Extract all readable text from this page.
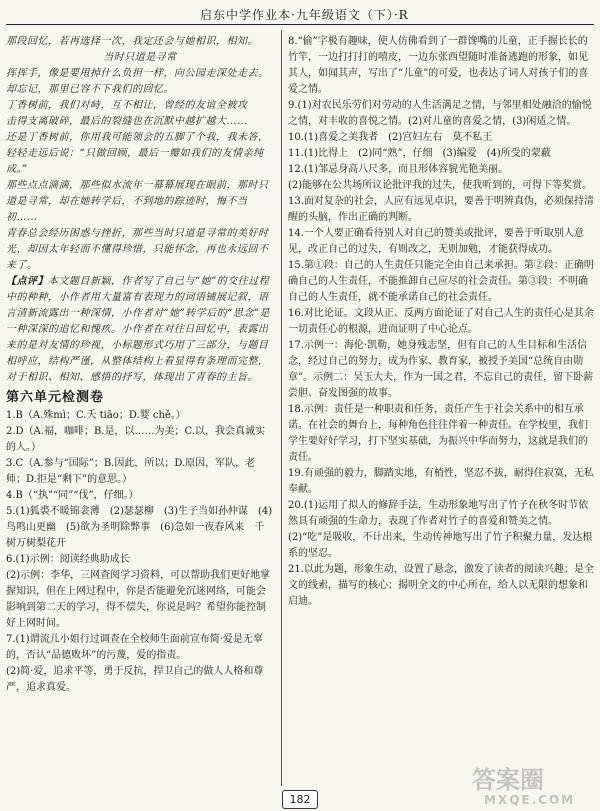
启东中学作业本·九年级语文（下）·R

那段回忆，若再选择一次，我定还会与她相识，相知。

当时只道是寻常

挥挥手，像是要甩掉什么负担一样，向公园走深处走去。

却忘记，那里已容不下我们的回忆。

丁香树前，我们对峙，互不相让，曾经的友谊全被攻

击得支离破碎，最后的裂缝也在沉默中越扩越大……

还是丁香树前，你用我可能领会的五脚了个我，我未答，轻轻走远后说：“只做回顾，最后一瓣如我们的友情亲纯成。”

那些点点滴滴，那些似水流年一幕幕展现在眼前，那时只道是寻常，却在她转学后，不到地的踪迹时，悔不当初……

青春总会经历困惑与挫折，那些当时只道是寻常的美好时光，却因太年轻而不懂得珍惜，只能怀念，再也永远回不来了。

【点评】本文题目新颖，作者写了自己与“她”的交往过程中的种种，小作者用大量富有表现力的词语铺展记叙，语言清新流露出一种深情，小作者对“她”转学后的“思念”是一种深深的追忆和愧疚。小作者在对往日回忆中，表露出来的是对友情的珍视，小标题形式巧用了三部分，与题目相呼应，结构严谨，从整体结构上看显得有条理而完整，对于相识、相知、感悟的抒写，体现出了青春的主旨。

第六单元检测卷

1.B（A.殊mì；C.夭 tiāo；D.婴 chě。）

2.D（A.福，咖啡；B.是，以……为美；C.以，我会真诚实的人。）

3.C（A.参与“国际”；B.因此，所以；D.原因，军队，老师；D.拒是“剩下”的意思。）

4.B（“执”“同”“伐”，仔细。）

5.(1)狐裘不暖锦衾薄　(2)瑟瑟柳　(3)生子当如孙仲谋　(4)鸟鸣山更幽　(5)欲为圣明除弊事　(6)急如一夜春风来　千树万树梨花开

6.(1)示例：阅读经典助成长

(2)示例：李华，三网查阅学习资料，可以帮助我们更好地掌握知识，但在上网过程中，你是否能避免沉迷网络，可能会影响到第二天的学习，得不偿失，你说是吗？希望你能控制好上网时间。

7.(1)谓流儿小姐行过调查在全校师生面前宣布简·爱是无辜的，否认“品德败坏”的污蔑，爱的指责。

(2)简·爱，追求平等，勇于反抗，捍卫自己的做人人格和尊严，追求真爱。

8.“偷”字极有趣味，使人仿佛看到了一群馋嘴的儿童，正手握长长的竹竿，一边打打打的嘻皮，一边东张西望随时准备逃跑的形象，如见其人，如闻其声，写出了“儿童”的可爱，也表达了词人对孩子们的喜爱之情。

9.(1)对农民乐劳们对劳动的人生活满足之情，与邻里相处融洽的愉悦之情，对丰收的喜悦之情。(2)对儿童的喜爱之情，(3)闲适之情。

10.(1)喜爱之美我者　(2)宫妇左右　莫不私王

11.(1)比得上　(2)同“熟”，仔细　(3)编爱　(4)所受的蒙蔽

12.(1)邹忌身高八尺多，而且形体容貌光艳美丽。

(2)能够在公共场所议论批评我的过失，使我听到的，可得下等奖赏。

13.面对复杂的社会，人应有远见卓识，要善于明辨真伪，必须保持清醒的头脑，作出正确的判断。

14.一个人要正确看待别人对自己的赞美或批评，要善于听取别人意见，改正自己的过失，有则改之，无则加勉，才能获得成功。

15.第①段：自己的人生责任只能完全由自己来承担。第②段：正确明确自己的人生责任，不能推卸自己应尽的社会责任。第③段：不明确自己的人生责任，就不能承诺自己的社会责任。

16.对比论证。文段从正、反两方面论证了对自己人生的责任心是其余一切责任心的根源，进而证明了中心论点。

17.示例一：海伦·凯勒，她身残志坚，但有自己的人生目标和生活信念，经过自己的努力，成为作家、教育家，被授予美国“总统自由勋章”。示例二：吴玉大夫，作为一国之君，不忘自己的责任，留下卧薪尝胆、奋发图强的故事。

18.示例：责任是一种职责和任务，责任产生于社会关系中的相互承诺。在社会的舞台上，每种角色往往伴着一种责任。在学校里，我们学生要好好学习，打下坚实基础，为振兴中华而努力，这就是我们的责任。

19.有顽强的毅力，脚踏实地，有梢性，坚忍不拔，耐得住寂寞，无私奉献。

20.(1)运用了拟人的修辞手法，生动形象地写出了竹子在秋冬时节依然具有顽强的生命力，表现了作者对竹子的喜爱和赞美之情。

(2)“吃”是吸收，不计出来，生动传神地写出了竹子积聚力量，发达根系的坚忍。

21.以此为题，形象生动，设置了悬念，激发了读者的阅读兴趣；是全文的线索，描写的核心；揭明全文的中心所在，给人以无限的想象和启迪。

182
答案圈
MXQE.COM
